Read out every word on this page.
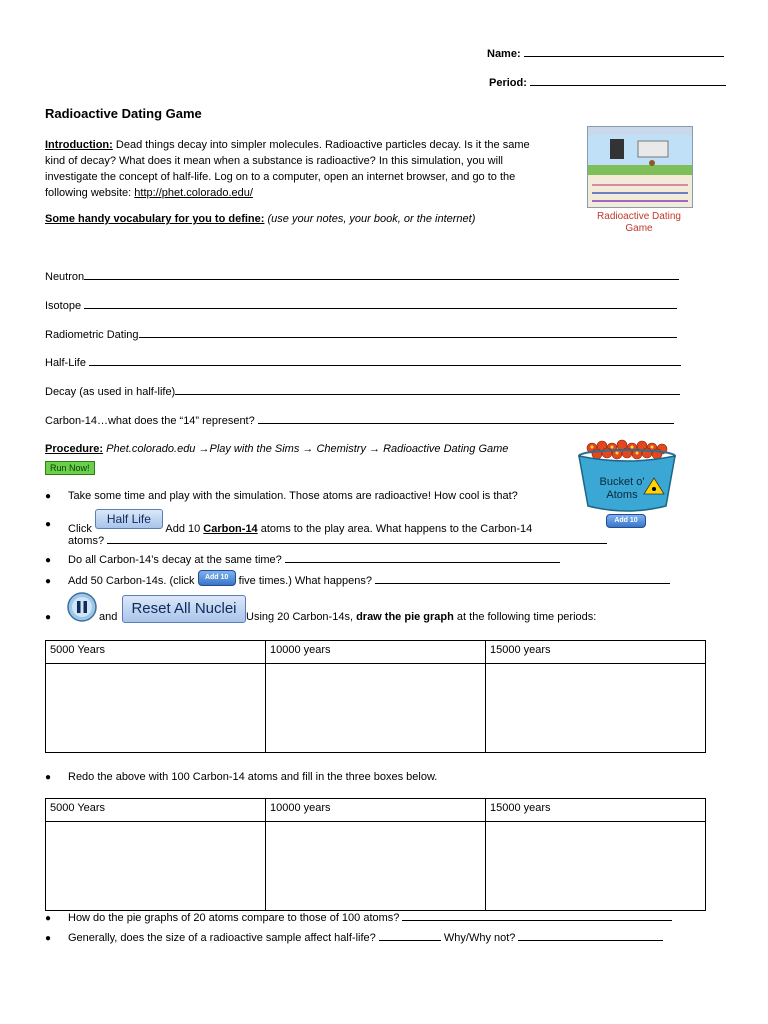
Name:
Period:
Radioactive Dating Game
Introduction: Dead things decay into simpler molecules. Radioactive particles decay. Is it the same
kind of decay? What does it mean when a substance is radioactive? In this simulation, you will
investigate the concept of half-life. Log on to a computer, open an internet browser, and go to the
following website: http://phet.colorado.edu/
Radioactive Dating Game
Some handy vocabulary for you to define: (use your notes, your book, or the internet)
Neutron
Isotope
Radiometric Dating
Half-Life
Decay (as used in half-life)
Carbon-14…what does the “14” represent?
Procedure: Phet.colorado.edu →Play with the Sims → Chemistry → Radioactive Dating Game
Run Now!
Bucket o'
Atoms
Add 10
● Take some time and play with the simulation. Those atoms are radioactive! How cool is that?
● Click Half Life Add 10 Carbon-14 atoms to the play area. What happens to the Carbon-14
atoms?
● Do all Carbon-14’s decay at the same time?
● Add 50 Carbon-14s. (click Add 10 five times.) What happens?
●	and Reset All Nuclei Using 20 Carbon-14s, draw the pie graph at the following time periods:
5000 Years	10000 years	15000 years

● Redo the above with 100 Carbon-14 atoms and fill in the three boxes below.
5000 Years	10000 years	15000 years

● How do the pie graphs of 20 atoms compare to those of 100 atoms?
● Generally, does the size of a radioactive sample affect half-life?	Why/Why not?
